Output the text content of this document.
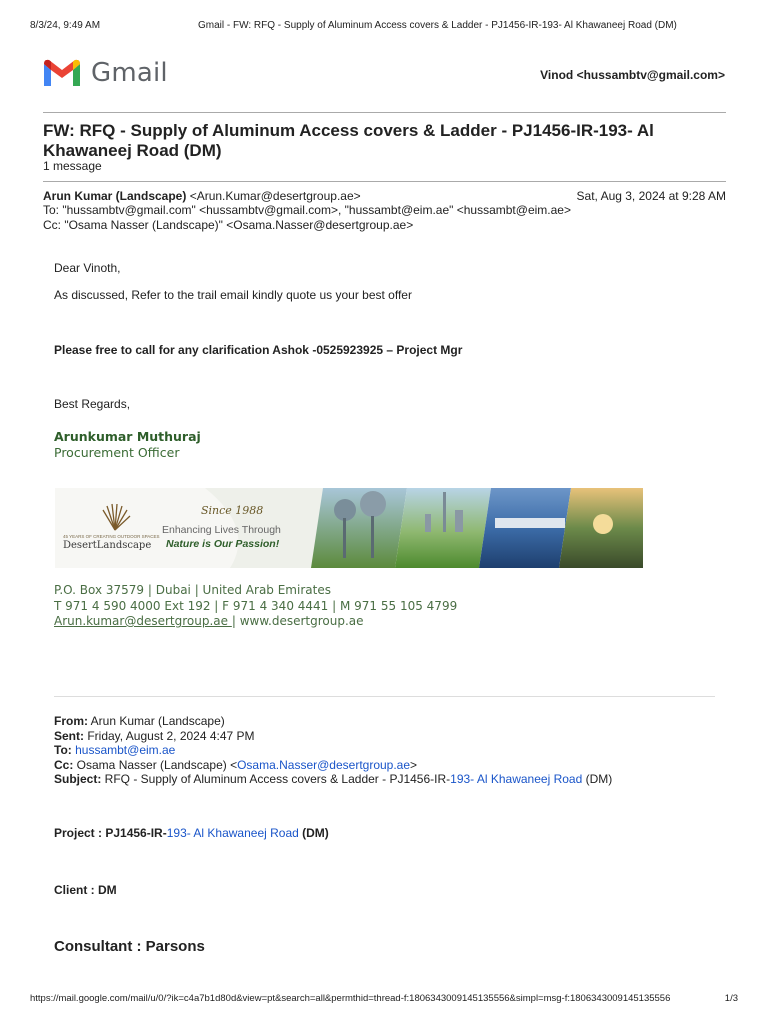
8/3/24, 9:49 AM	Gmail - FW: RFQ - Supply of Aluminum Access covers & Ladder - PJ1456-IR-193- Al Khawaneej Road (DM)
Gmail	Vinod <hussambtv@gmail.com>
FW: RFQ - Supply of Aluminum Access covers & Ladder - PJ1456-IR-193- Al
Khawaneej Road (DM)
1 message
Arun Kumar (Landscape) <Arun.Kumar@desertgroup.ae>	Sat, Aug 3, 2024 at 9:28 AM
To: "hussambtv@gmail.com" <hussambtv@gmail.com>, "hussambt@eim.ae" <hussambt@eim.ae>
Cc: "Osama Nasser (Landscape)" <Osama.Nasser@desertgroup.ae>
Dear Vinoth,
As discussed, Refer to the trail email kindly quote us your best offer
Please free to call for any clarification Ashok -0525923925 – Project Mgr
Best Regards,
Arunkumar Muthuraj
Procurement Officer
45 YEARS OF CREATING OUTDOOR SPACES
DesertLandscape
Since 1988
Enhancing Lives Through
Nature is Our Passion!
P.O. Box 37579 | Dubai | United Arab Emirates
T 971 4 590 4000 Ext 192 | F 971 4 340 4441 | M 971 55 105 4799
Arun.kumar@desertgroup.ae | www.desertgroup.ae
From: Arun Kumar (Landscape)
Sent: Friday, August 2, 2024 4:47 PM
To: hussambt@eim.ae
Cc: Osama Nasser (Landscape) <Osama.Nasser@desertgroup.ae>
Subject: RFQ - Supply of Aluminum Access covers & Ladder - PJ1456-IR-193- Al Khawaneej Road (DM)
Project : PJ1456-IR-193- Al Khawaneej Road (DM)
Client : DM
Consultant : Parsons
https://mail.google.com/mail/u/0/?ik=c4a7b1d80d&view=pt&search=all&permthid=thread-f:1806343009145135556&simpl=msg-f:1806343009145135556	1/3
